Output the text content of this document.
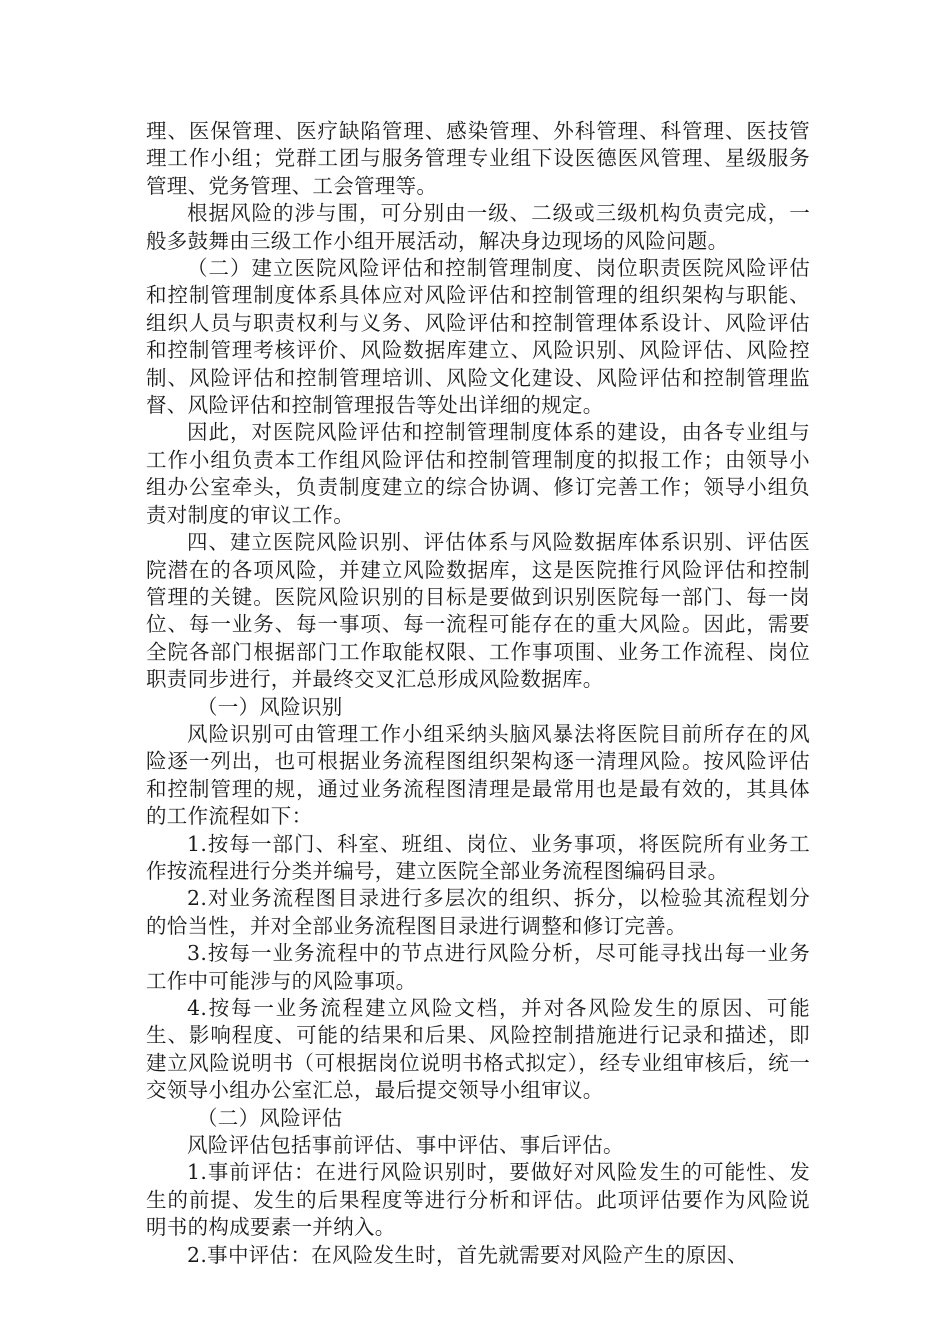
理、医保管理、医疗缺陷管理、感染管理、外科管理、科管理、医技管理工作小组；党群工团与服务管理专业组下设医德医风管理、星级服务管理、党务管理、工会管理等。

根据风险的涉与围，可分别由一级、二级或三级机构负责完成，一般多鼓舞由三级工作小组开展活动，解决身边现场的风险问题。

（二）建立医院风险评估和控制管理制度、岗位职责医院风险评估和控制管理制度体系具体应对风险评估和控制管理的组织架构与职能、组织人员与职责权利与义务、风险评估和控制管理体系设计、风险评估和控制管理考核评价、风险数据库建立、风险识别、风险评估、风险控制、风险评估和控制管理培训、风险文化建设、风险评估和控制管理监督、风险评估和控制管理报告等处出详细的规定。

因此，对医院风险评估和控制管理制度体系的建设，由各专业组与工作小组负责本工作组风险评估和控制管理制度的拟报工作；由领导小组办公室牵头，负责制度建立的综合协调、修订完善工作；领导小组负责对制度的审议工作。

四、建立医院风险识别、评估体系与风险数据库体系识别、评估医院潜在的各项风险，并建立风险数据库，这是医院推行风险评估和控制管理的关键。医院风险识别的目标是要做到识别医院每一部门、每一岗位、每一业务、每一事项、每一流程可能存在的重大风险。因此，需要全院各部门根据部门工作取能权限、工作事项围、业务工作流程、岗位职责同步进行，并最终交叉汇总形成风险数据库。

（一）风险识别

风险识别可由管理工作小组采纳头脑风暴法将医院目前所存在的风险逐一列出，也可根据业务流程图组织架构逐一清理风险。按风险评估和控制管理的规，通过业务流程图清理是最常用也是最有效的，其具体的工作流程如下：

1.按每一部门、科室、班组、岗位、业务事项，将医院所有业务工作按流程进行分类并编号，建立医院全部业务流程图编码目录。

2.对业务流程图目录进行多层次的组织、拆分，以检验其流程划分的恰当性，并对全部业务流程图目录进行调整和修订完善。

3.按每一业务流程中的节点进行风险分析，尽可能寻找出每一业务工作中可能涉与的风险事项。

4.按每一业务流程建立风险文档，并对各风险发生的原因、可能生、影响程度、可能的结果和后果、风险控制措施进行记录和描述，即建立风险说明书（可根据岗位说明书格式拟定），经专业组审核后，统一交领导小组办公室汇总，最后提交领导小组审议。

（二）风险评估

风险评估包括事前评估、事中评估、事后评估。

1.事前评估：在进行风险识别时，要做好对风险发生的可能性、发生的前提、发生的后果程度等进行分析和评估。此项评估要作为风险说明书的构成要素一并纳入。

2.事中评估：在风险发生时，首先就需要对风险产生的原因、
